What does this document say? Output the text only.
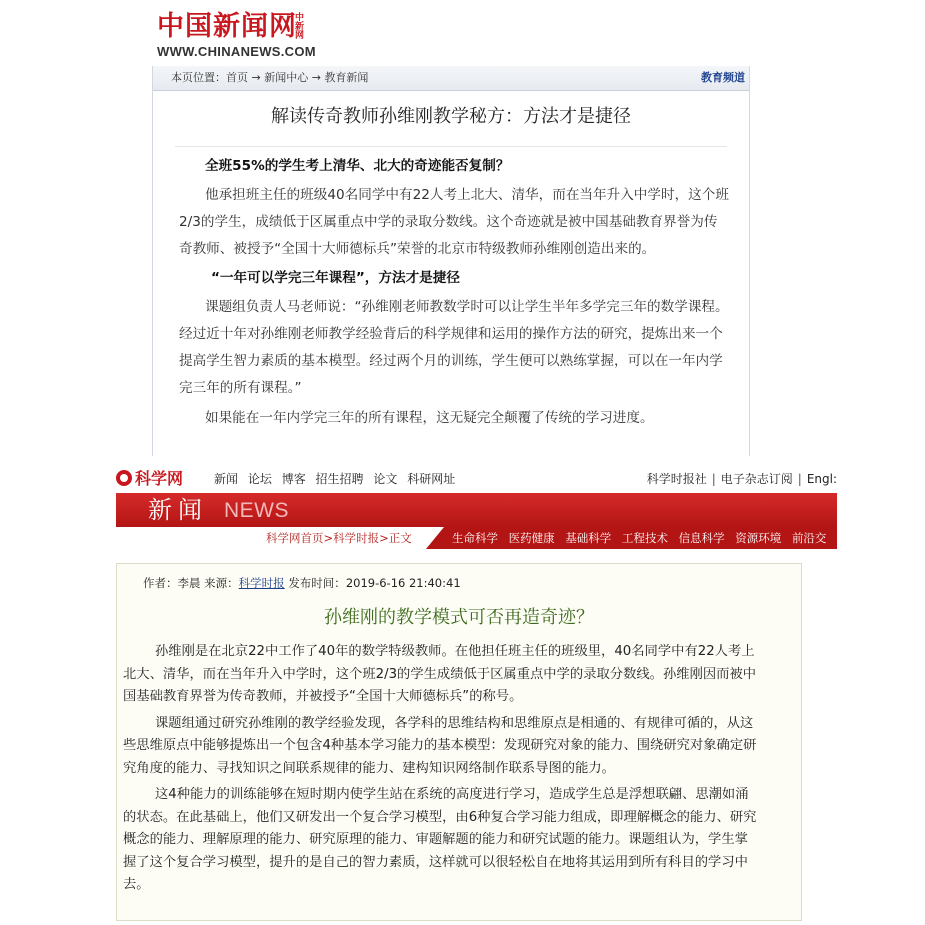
中国新闻网
中新网
WWW.CHINANEWS.COM
本页位置：首页 → 新闻中心 → 教育新闻	教育频道
解读传奇教师孙维刚教学秘方：方法才是捷径
全班55%的学生考上清华、北大的奇迹能否复制？

他承担班主任的班级40名同学中有22人考上北大、清华，而在当年升入中学时，这个班2/3的学生，成绩低于区属重点中学的录取分数线。这个奇迹就是被中国基础教育界誉为传奇教师、被授予“全国十大师德标兵”荣誉的北京市特级教师孙维刚创造出来的。

“一年可以学完三年课程”，方法才是捷径

课题组负责人马老师说：“孙维刚老师教数学时可以让学生半年多学完三年的数学课程。经过近十年对孙维刚老师教学经验背后的科学规律和运用的操作方法的研究，提炼出来一个提高学生智力素质的基本模型。经过两个月的训练，学生便可以熟练掌握，可以在一年内学完三年的所有课程。”

如果能在一年内学完三年的所有课程，这无疑完全颠覆了传统的学习进度。

科学网	新闻 论坛 博客 招生招聘 论文 科研网址	科学时报社 | 电子杂志订阅 | Engl:
新闻 NEWS
科学网首页>科学时报>正文	生命科学 医药健康 基础科学 工程技术 信息科学 资源环境 前沿交
作者：李晨 来源：科学时报 发布时间：2019-6-16 21:40:41
孙维刚的教学模式可否再造奇迹？

孙维刚是在北京22中工作了40年的数学特级教师。在他担任班主任的班级里，40名同学中有22人考上北大、清华，而在当年升入中学时，这个班2/3的学生成绩低于区属重点中学的录取分数线。孙维刚因而被中国基础教育界誉为传奇教师，并被授予“全国十大师德标兵”的称号。

课题组通过研究孙维刚的教学经验发现，各学科的思维结构和思维原点是相通的、有规律可循的，从这些思维原点中能够提炼出一个包含4种基本学习能力的基本模型：发现研究对象的能力、围绕研究对象确定研究角度的能力、寻找知识之间联系规律的能力、建构知识网络制作联系导图的能力。

这4种能力的训练能够在短时期内使学生站在系统的高度进行学习，造成学生总是浮想联翩、思潮如涌的状态。在此基础上，他们又研发出一个复合学习模型，由6种复合学习能力组成，即理解概念的能力、研究概念的能力、理解原理的能力、研究原理的能力、审题解题的能力和研究试题的能力。课题组认为，学生掌握了这个复合学习模型，提升的是自己的智力素质，这样就可以很轻松自在地将其运用到所有科目的学习中去。
